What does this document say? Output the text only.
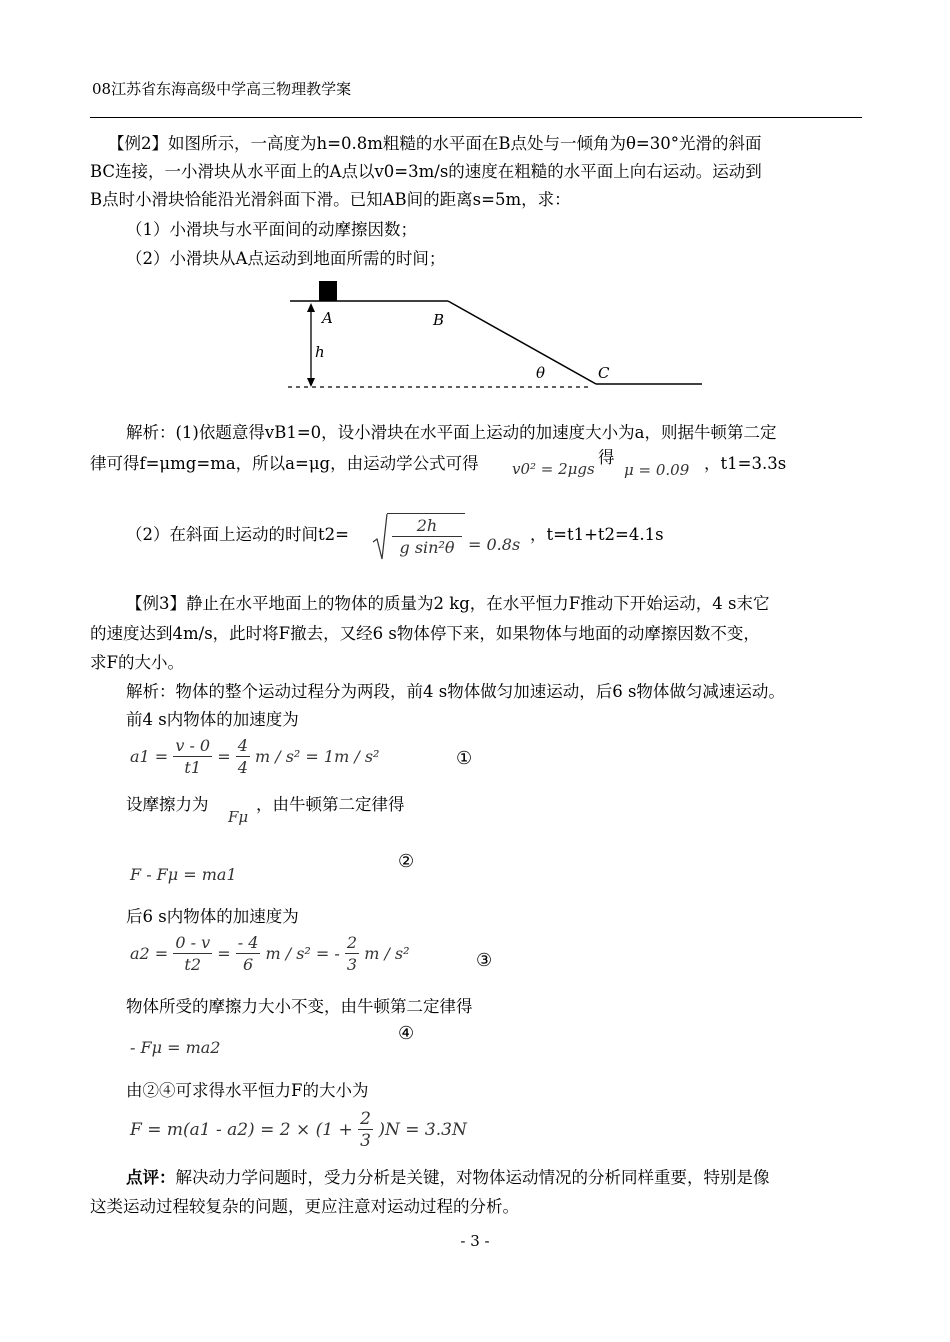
08江苏省东海高级中学高三物理教学案
【例2】如图所示，一高度为h=0.8m粗糙的水平面在B点处与一倾角为θ=30°光滑的斜面
BC连接，一小滑块从水平面上的A点以v0=3m/s的速度在粗糙的水平面上向右运动。运动到
B点时小滑块恰能沿光滑斜面下滑。已知AB间的距离s=5m，求：
（1）小滑块与水平面间的动摩擦因数；
（2）小滑块从A点运动到地面所需的时间；
A	B
h
θ	C
解析：(1)依题意得vB1=0，设小滑块在水平面上运动的加速度大小为a，则据牛顿第二定
律可得f=μmg=ma，所以a=μg，由运动学公式可得 v0² = 2μgs
得
μ = 0.09 ，t1=3.3s
（2）在斜面上运动的时间t2=	$\frac{2h}{\text{g sin²θ}} = 0.8s$
，t=t1+t2=4.1s
【例3】静止在水平地面上的物体的质量为2 kg，在水平恒力F推动下开始运动，4 s末它
的速度达到4m/s，此时将F撤去，又经6 s物体停下来，如果物体与地面的动摩擦因数不变，
求F的大小。
解析：物体的整个运动过程分为两段，前4 s物体做匀加速运动，后6 s物体做匀减速运动。
前4 s内物体的加速度为
$a1 = \frac{v - 0}{t1} = \frac{4}{4}$ m / s² = 1m / s²	①
设摩擦力为
Fμ
，由牛顿第二定律得
F - Fμ = ma1
②
后6 s内物体的加速度为
$a2 = \frac{0 - v}{t2} = \frac{- 4}{6}$ m / s² = - $\frac{2}{3}$ m / s²	③
物体所受的摩擦力大小不变，由牛顿第二定律得
- Fμ = ma2
④
由②④可求得水平恒力F的大小为
$F = m(a1 - a2) = 2 \times (1 + \frac{2}{3} )N = 3.3N$
点评：解决动力学问题时，受力分析是关键，对物体运动情况的分析同样重要，特别是像
这类运动过程较复杂的问题，更应注意对运动过程的分析。
- 3 -
